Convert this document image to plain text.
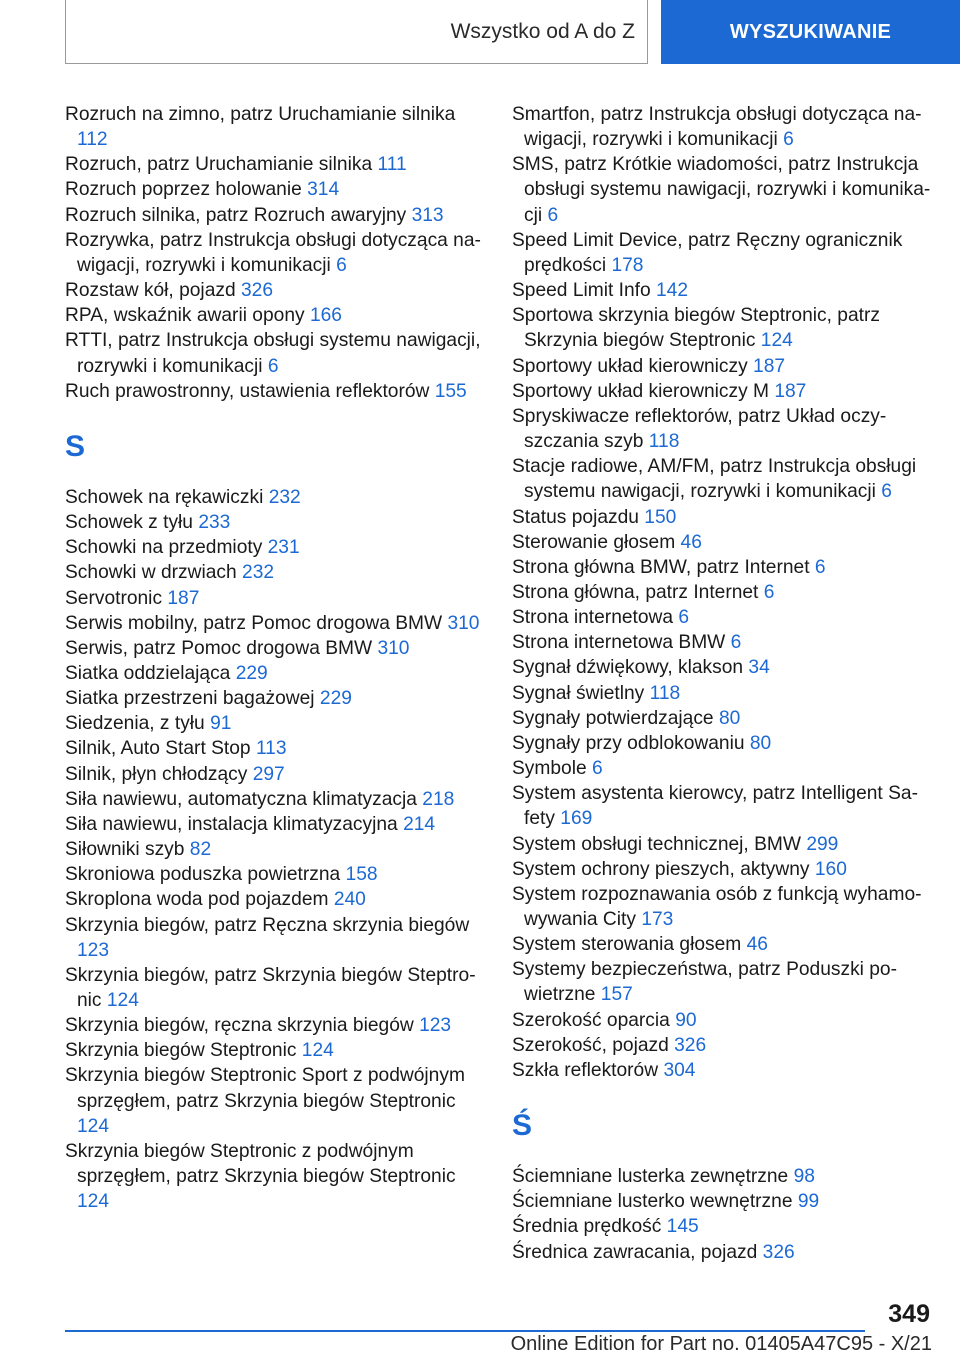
Wszystko od A do Z	WYSZUKIWANIE
Rozruch na zimno, patrz Uruchamianie silnika 112
Rozruch, patrz Uruchamianie silnika 111
Rozruch poprzez holowanie 314
Rozruch silnika, patrz Rozruch awaryjny 313
Rozrywka, patrz Instrukcja obsługi dotycząca nawigacji, rozrywki i komunikacji 6
Rozstaw kół, pojazd 326
RPA, wskaźnik awarii opony 166
RTTI, patrz Instrukcja obsługi systemu nawigacji, rozrywki i komunikacji 6
Ruch prawostronny, ustawienia reflektorów 155
S
Schowek na rękawiczki 232
Schowek z tyłu 233
Schowki na przedmioty 231
Schowki w drzwiach 232
Servotronic 187
Serwis mobilny, patrz Pomoc drogowa BMW 310
Serwis, patrz Pomoc drogowa BMW 310
Siatka oddzielająca 229
Siatka przestrzeni bagażowej 229
Siedzenia, z tyłu 91
Silnik, Auto Start Stop 113
Silnik, płyn chłodzący 297
Siła nawiewu, automatyczna klimatyzacja 218
Siła nawiewu, instalacja klimatyzacyjna 214
Siłowniki szyb 82
Skroniowa poduszka powietrzna 158
Skroplona woda pod pojazdem 240
Skrzynia biegów, patrz Ręczna skrzynia biegów 123
Skrzynia biegów, patrz Skrzynia biegów Steptronic 124
Skrzynia biegów, ręczna skrzynia biegów 123
Skrzynia biegów Steptronic 124
Skrzynia biegów Steptronic Sport z podwójnym sprzęgłem, patrz Skrzynia biegów Steptronic 124
Skrzynia biegów Steptronic z podwójnym sprzęgłem, patrz Skrzynia biegów Steptronic 124
Smartfon, patrz Instrukcja obsługi dotycząca nawigacji, rozrywki i komunikacji 6
SMS, patrz Krótkie wiadomości, patrz Instrukcja obsługi systemu nawigacji, rozrywki i komunikacji 6
Speed Limit Device, patrz Ręczny ogranicznik prędkości 178
Speed Limit Info 142
Sportowa skrzynia biegów Steptronic, patrz Skrzynia biegów Steptronic 124
Sportowy układ kierowniczy 187
Sportowy układ kierowniczy M 187
Spryskiwacze reflektorów, patrz Układ oczyszczania szyb 118
Stacje radiowe, AM/FM, patrz Instrukcja obsługi systemu nawigacji, rozrywki i komunikacji 6
Status pojazdu 150
Sterowanie głosem 46
Strona główna BMW, patrz Internet 6
Strona główna, patrz Internet 6
Strona internetowa 6
Strona internetowa BMW 6
Sygnał dźwiękowy, klakson 34
Sygnał świetlny 118
Sygnały potwierdzające 80
Sygnały przy odblokowaniu 80
Symbole 6
System asystenta kierowcy, patrz Intelligent Safety 169
System obsługi technicznej, BMW 299
System ochrony pieszych, aktywny 160
System rozpoznawania osób z funkcją wyhamowywania City 173
System sterowania głosem 46
Systemy bezpieczeństwa, patrz Poduszki powietrzne 157
Szerokość oparcia 90
Szerokość, pojazd 326
Szkła reflektorów 304
Ś
Ściemniane lusterka zewnętrzne 98
Ściemniane lusterko wewnętrzne 99
Średnia prędkość 145
Średnica zawracania, pojazd 326
349
Online Edition for Part no. 01405A47C95 - X/21
